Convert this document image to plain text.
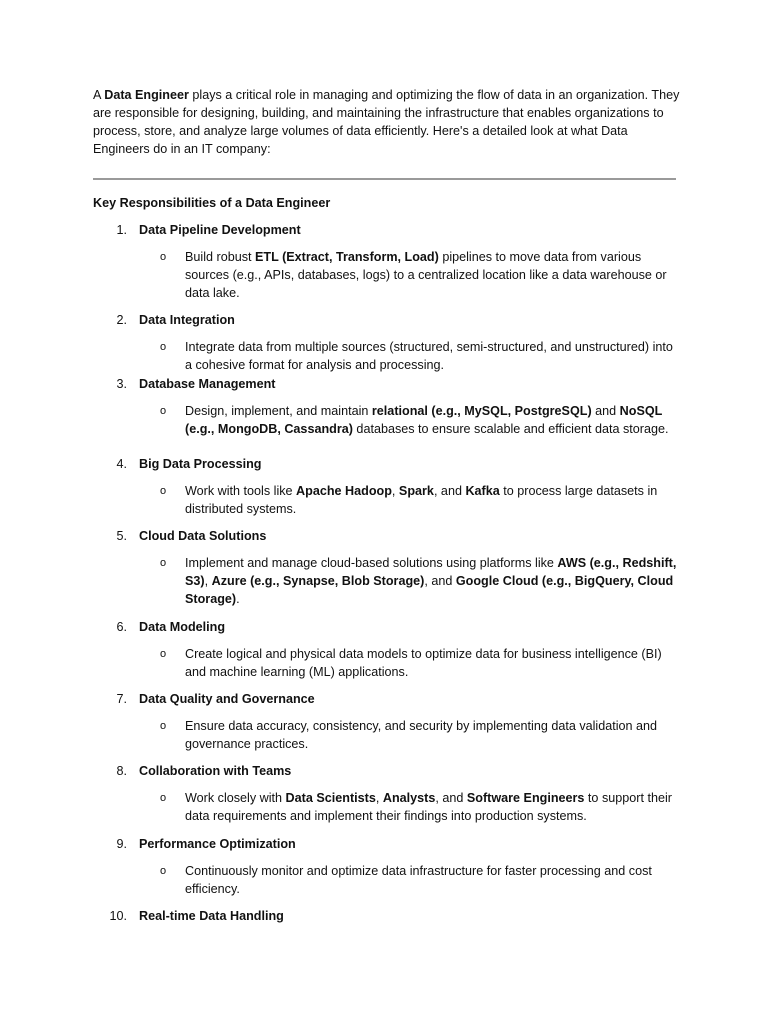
A Data Engineer plays a critical role in managing and optimizing the flow of data in an organization. They are responsible for designing, building, and maintaining the infrastructure that enables organizations to process, store, and analyze large volumes of data efficiently. Here's a detailed look at what Data Engineers do in an IT company:

Key Responsibilities of a Data Engineer

1. Data Pipeline Development
o Build robust ETL (Extract, Transform, Load) pipelines to move data from various sources (e.g., APIs, databases, logs) to a centralized location like a data warehouse or data lake.
2. Data Integration
o Integrate data from multiple sources (structured, semi-structured, and unstructured) into a cohesive format for analysis and processing.
3. Database Management
o Design, implement, and maintain relational (e.g., MySQL, PostgreSQL) and NoSQL (e.g., MongoDB, Cassandra) databases to ensure scalable and efficient data storage.
4. Big Data Processing
o Work with tools like Apache Hadoop, Spark, and Kafka to process large datasets in distributed systems.
5. Cloud Data Solutions
o Implement and manage cloud-based solutions using platforms like AWS (e.g., Redshift, S3), Azure (e.g., Synapse, Blob Storage), and Google Cloud (e.g., BigQuery, Cloud Storage).
6. Data Modeling
o Create logical and physical data models to optimize data for business intelligence (BI) and machine learning (ML) applications.
7. Data Quality and Governance
o Ensure data accuracy, consistency, and security by implementing data validation and governance practices.
8. Collaboration with Teams
o Work closely with Data Scientists, Analysts, and Software Engineers to support their data requirements and implement their findings into production systems.
9. Performance Optimization
o Continuously monitor and optimize data infrastructure for faster processing and cost efficiency.
10. Real-time Data Handling
